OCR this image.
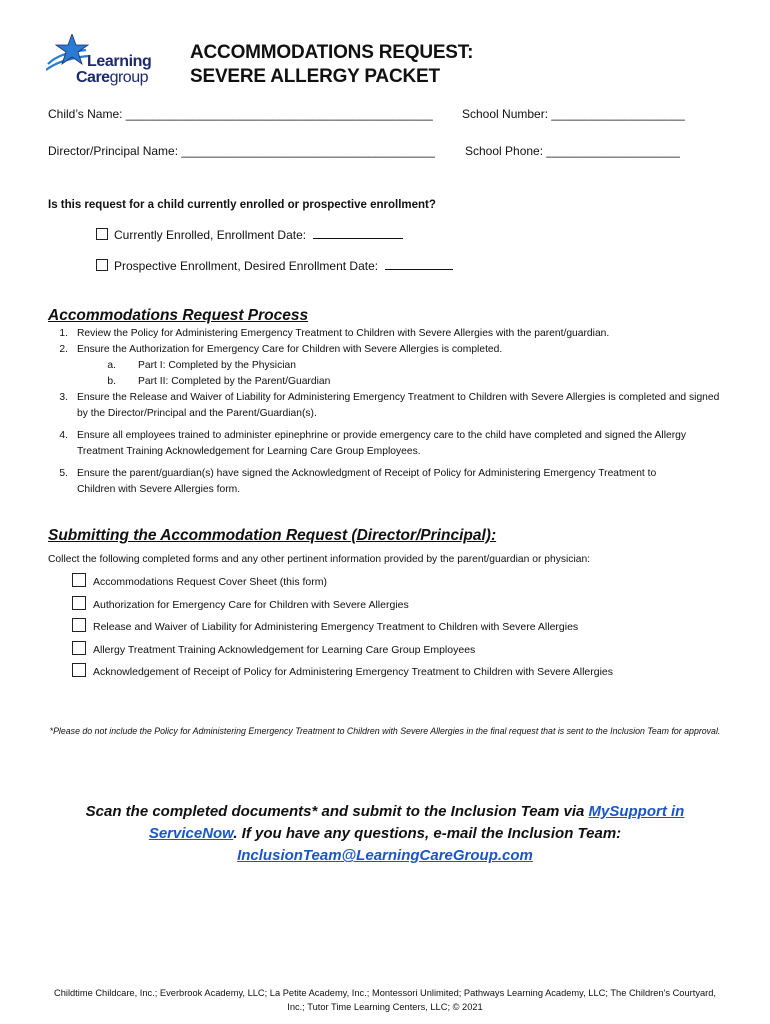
Learning
Caregroup
ACCOMMODATIONS REQUEST:
SEVERE ALLERGY PACKET
Child’s Name: ______________________________________________ School Number: ____________________
Director/Principal Name: ______________________________________	School Phone: ____________________
Is this request for a child currently enrolled or prospective enrollment?
Currently Enrolled, Enrollment Date:
Prospective Enrollment, Desired Enrollment Date:
Accommodations Request Process
1. Review the Policy for Administering Emergency Treatment to Children with Severe Allergies with the parent/guardian.
2. Ensure the Authorization for Emergency Care for Children with Severe Allergies is completed.
a. Part I: Completed by the Physician
b. Part II: Completed by the Parent/Guardian
3. Ensure the Release and Waiver of Liability for Administering Emergency Treatment to Children with Severe Allergies is completed and signed by the Director/Principal and the Parent/Guardian(s).
4. Ensure all employees trained to administer epinephrine or provide emergency care to the child have completed and signed the Allergy Treatment Training Acknowledgement for Learning Care Group Employees.
5. Ensure the parent/guardian(s) have signed the Acknowledgment of Receipt of Policy for Administering Emergency Treatment to Children with Severe Allergies form.
Submitting the Accommodation Request (Director/Principal):
Collect the following completed forms and any other pertinent information provided by the parent/guardian or physician:
Accommodations Request Cover Sheet (this form)
Authorization for Emergency Care for Children with Severe Allergies
Release and Waiver of Liability for Administering Emergency Treatment to Children with Severe Allergies
Allergy Treatment Training Acknowledgement for Learning Care Group Employees
Acknowledgement of Receipt of Policy for Administering Emergency Treatment to Children with Severe Allergies
*Please do not include the Policy for Administering Emergency Treatment to Children with Severe Allergies in the final request that is sent to the Inclusion Team for approval.
Scan the completed documents* and submit to the Inclusion Team via MySupport in ServiceNow. If you have any questions, e-mail the Inclusion Team:
InclusionTeam@LearningCareGroup.com
Childtime Childcare, Inc.; Everbrook Academy, LLC; La Petite Academy, Inc.; Montessori Unlimited; Pathways Learning Academy, LLC; The Children's Courtyard, Inc.; Tutor Time Learning Centers, LLC; © 2021
